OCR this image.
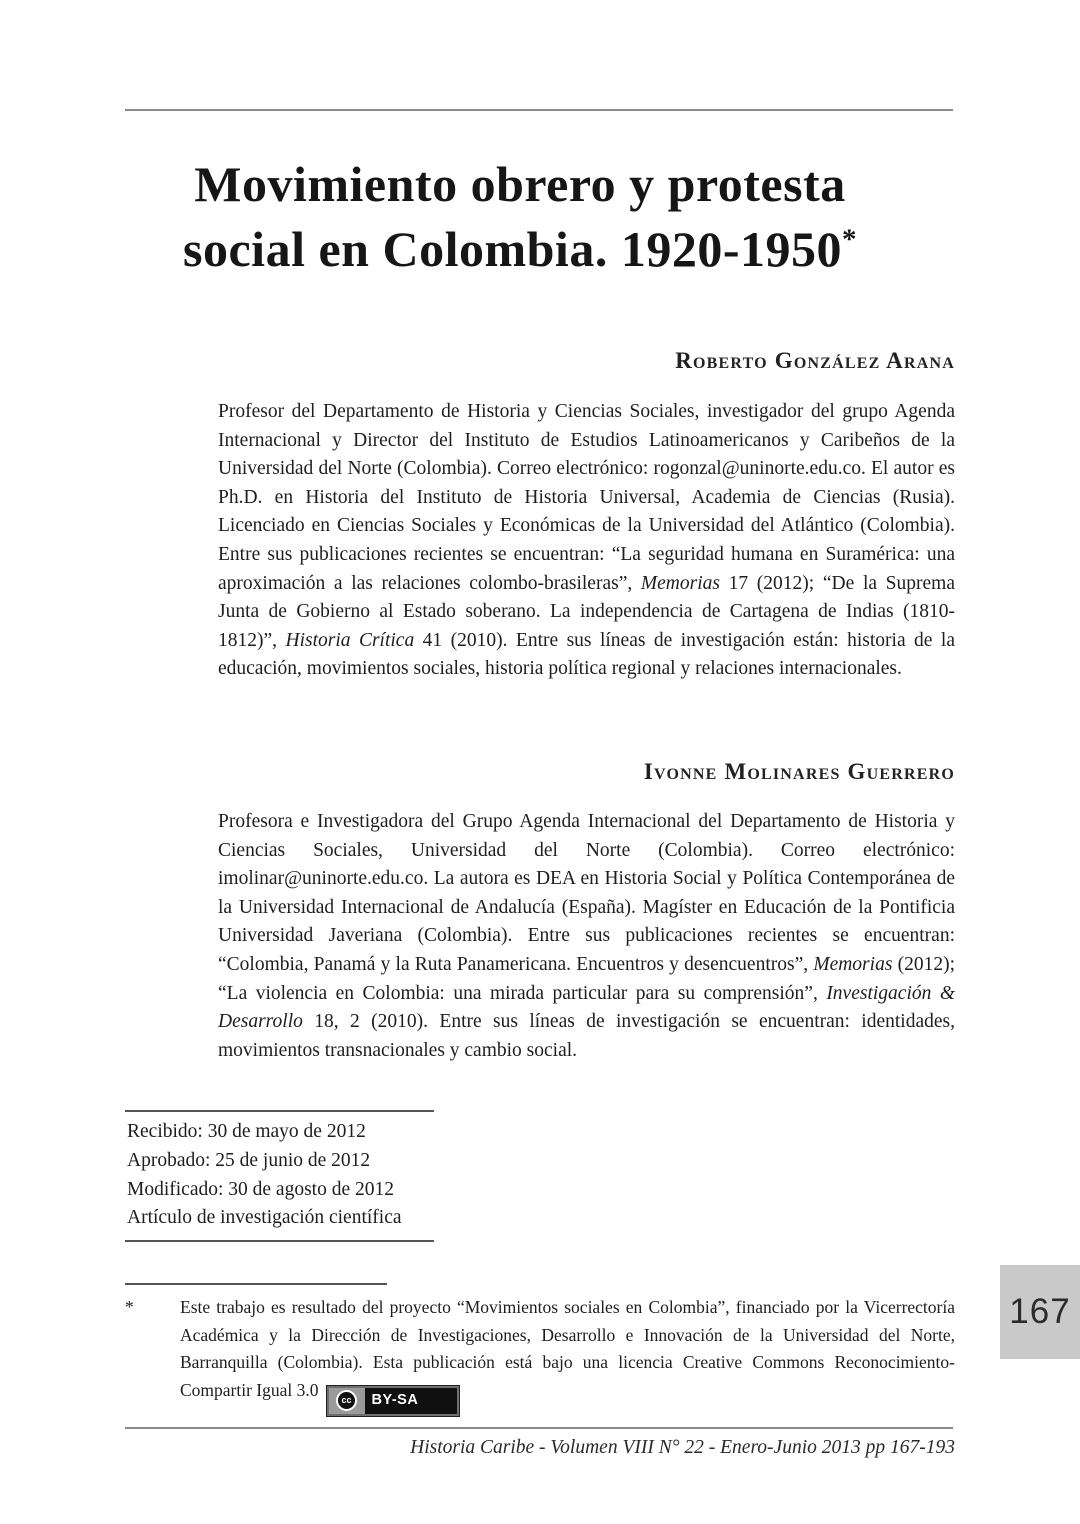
Movimiento obrero y protesta
social en Colombia. 1920-1950*
Roberto González Arana

Profesor del Departamento de Historia y Ciencias Sociales, investigador del grupo Agenda Internacional y Director del Instituto de Estudios Latinoamericanos y Caribeños de la Universidad del Norte (Colombia). Correo electrónico: rogonzal@uninorte.edu.co. El autor es Ph.D. en Historia del Instituto de Historia Universal, Academia de Ciencias (Rusia). Licenciado en Ciencias Sociales y Económicas de la Universidad del Atlántico (Colombia). Entre sus publicaciones recientes se encuentran: “La seguridad humana en Suramérica: una aproximación a las relaciones colombo-brasileras”, Memorias 17 (2012); “De la Suprema Junta de Gobierno al Estado soberano. La independencia de Cartagena de Indias (1810-1812)”, Historia Crítica 41 (2010). Entre sus líneas de investigación están: historia de la educación, movimientos sociales, historia política regional y relaciones internacionales.

Ivonne Molinares Guerrero

Profesora e Investigadora del Grupo Agenda Internacional del Departamento de Historia y Ciencias Sociales, Universidad del Norte (Colombia). Correo electrónico: imolinar@uninorte.edu.co. La autora es DEA en Historia Social y Política Contemporánea de la Universidad Internacional de Andalucía (España). Magíster en Educación de la Pontificia Universidad Javeriana (Colombia). Entre sus publicaciones recientes se encuentran: “Colombia, Panamá y la Ruta Panamericana. Encuentros y desencuentros”, Memorias (2012); “La violencia en Colombia: una mirada particular para su comprensión”, Investigación & Desarrollo 18, 2 (2010). Entre sus líneas de investigación se encuentran: identidades, movimientos transnacionales y cambio social.

Recibido: 30 de mayo de 2012
Aprobado: 25 de junio de 2012
Modificado: 30 de agosto de 2012
Artículo de investigación científica
*	Este trabajo es resultado del proyecto “Movimientos sociales en Colombia”, financiado por la Vicerrectoría Académica y la Dirección de Investigaciones, Desarrollo e Innovación de la Universidad del Norte, Barranquilla (Colombia). Esta publicación está bajo una licencia Creative Commons Reconocimiento-Compartir Igual 3.0	cc	BY-SA
Historia Caribe - Volumen VIII N° 22 - Enero-Junio 2013 pp 167-193
167
